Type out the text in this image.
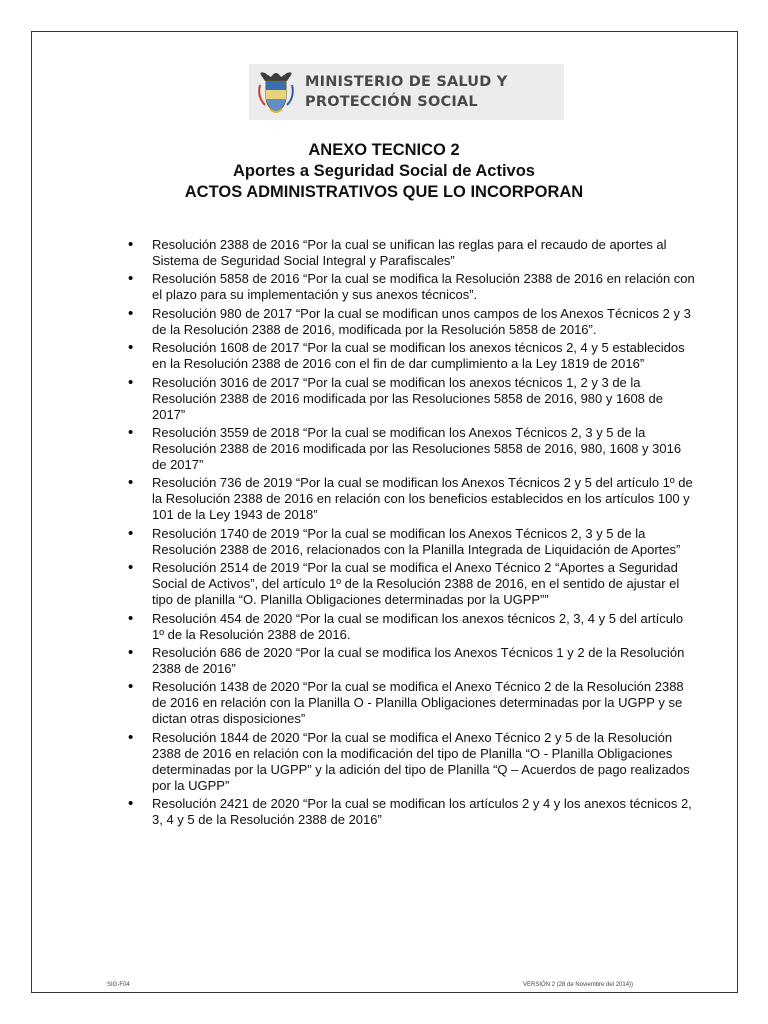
MINISTERIO DE SALUD Y
PROTECCIÓN SOCIAL
ANEXO TECNICO 2
Aportes a Seguridad Social de Activos
ACTOS ADMINISTRATIVOS QUE LO INCORPORAN
• Resolución 2388 de 2016 “Por la cual se unifican las reglas para el recaudo de aportes al Sistema de Seguridad Social Integral y Parafiscales”
• Resolución 5858 de 2016 “Por la cual se modifica la Resolución 2388 de 2016 en relación con el plazo para su implementación y sus anexos técnicos”.
• Resolución 980 de 2017 “Por la cual se modifican unos campos de los Anexos Técnicos 2 y 3 de la Resolución 2388 de 2016, modificada por la Resolución 5858 de 2016”.
• Resolución 1608 de 2017 “Por la cual se modifican los anexos técnicos 2, 4 y 5 establecidos en la Resolución 2388 de 2016 con el fin de dar cumplimiento a la Ley 1819 de 2016”
• Resolución 3016 de 2017 “Por la cual se modifican los anexos técnicos 1, 2 y 3 de la Resolución 2388 de 2016 modificada por las Resoluciones 5858 de 2016, 980 y 1608 de 2017”
• Resolución 3559 de 2018 “Por la cual se modifican los Anexos Técnicos 2, 3 y 5 de la Resolución 2388 de 2016 modificada por las Resoluciones 5858 de 2016, 980, 1608 y 3016 de 2017”
• Resolución 736 de 2019 “Por la cual se modifican los Anexos Técnicos 2 y 5 del artículo 1º de la Resolución 2388 de 2016 en relación con los beneficios establecidos en los artículos 100 y 101 de la Ley 1943 de 2018”
• Resolución 1740 de 2019 “Por la cual se modifican los Anexos Técnicos 2, 3 y 5 de la Resolución 2388 de 2016, relacionados con la Planilla Integrada de Liquidación de Aportes”
• Resolución 2514 de 2019 “Por la cual se modifica el Anexo Técnico 2 “Aportes a Seguridad Social de Activos”, del artículo 1º de la Resolución 2388 de 2016, en el sentido de ajustar el tipo de planilla “O. Planilla Obligaciones determinadas por la UGPP””
• Resolución 454 de 2020 “Por la cual se modifican los anexos técnicos 2, 3, 4 y 5 del artículo 1º de la Resolución 2388 de 2016.
• Resolución 686 de 2020 “Por la cual se modifica los Anexos Técnicos 1 y 2 de la Resolución 2388 de 2016”
• Resolución 1438 de 2020 “Por la cual se modifica el Anexo Técnico 2 de la Resolución 2388 de 2016 en relación con la Planilla O - Planilla Obligaciones determinadas por la UGPP y se dictan otras disposiciones”
• Resolución 1844 de 2020 “Por la cual se modifica el Anexo Técnico 2 y 5 de la Resolución 2388 de 2016 en relación con la modificación del tipo de Planilla “O - Planilla Obligaciones determinadas por la UGPP” y la adición del tipo de Planilla “Q – Acuerdos de pago realizados por la UGPP”
• Resolución 2421 de 2020 “Por la cual se modifican los artículos 2 y 4 y los anexos técnicos 2, 3, 4 y 5 de la Resolución 2388 de 2016”
SIG-F04	VERSIÓN 2 (28 de Noviembre del 2014))
